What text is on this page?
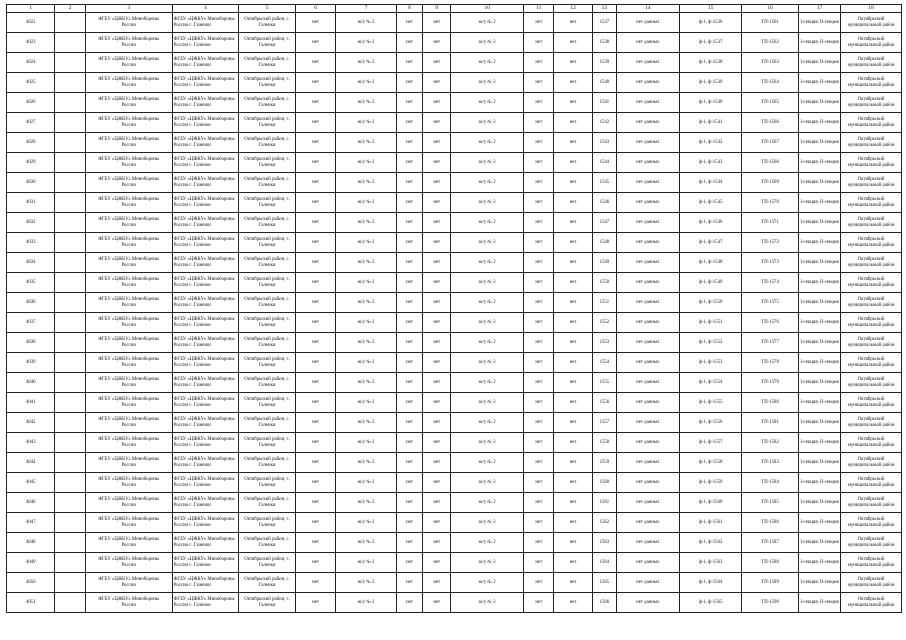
1	2	3	4	5	6	7	8	9	10	11	12	13	14	15	16	17	18
4022		ФГБУ «ЦЖКУ» Минобороны
России	ФГБУ «ЦЖКУ» Минобороны
России с. Галенки	Октябрьский район, с.
Галенки	нет	ю/у № 2	нет	нет	ю/у № 2	нет	нет	1537	нет данных	ф-1, ф-1536	ТП-1561	I-секция, II-секция	Октябрьский
муниципальный район

4023		ФГБУ «ЦЖКУ» Минобороны
России	ФГБУ «ЦЖКУ» Минобороны
России с. Галенки	Октябрьский район, с.
Галенки	нет	ю/у № 2	нет	нет	ю/у № 2	нет	нет	1538	нет данных	ф-1, ф-1537	ТП-1562	I-секция, II-секция	Октябрьский
муниципальный район

4024		ФГБУ «ЦЖКУ» Минобороны
России	ФГБУ «ЦЖКУ» Минобороны
России с. Галенки	Октябрьский район, с.
Галенки	нет	ю/у № 2	нет	нет	ю/у № 2	нет	нет	1539	нет данных	ф-1, ф-1538	ТП-1563	I-секция, II-секция	Октябрьский
муниципальный район

4025		ФГБУ «ЦЖКУ» Минобороны
России	ФГБУ «ЦЖКУ» Минобороны
России с. Галенки	Октябрьский район, с.
Галенки	нет	ю/у № 2	нет	нет	ю/у № 2	нет	нет	1540	нет данных	ф-1, ф-1539	ТП-1564	I-секция, II-секция	Октябрьский
муниципальный район

4026		ФГБУ «ЦЖКУ» Минобороны
России	ФГБУ «ЦЖКУ» Минобороны
России с. Галенки	Октябрьский район, с.
Галенки	нет	ю/у № 2	нет	нет	ю/у № 2	нет	нет	1541	нет данных	ф-1, ф-1540	ТП-1565	I-секция, II-секция	Октябрьский
муниципальный район

4027		ФГБУ «ЦЖКУ» Минобороны
России	ФГБУ «ЦЖКУ» Минобороны
России с. Галенки	Октябрьский район, с.
Галенки	нет	ю/у № 2	нет	нет	ю/у № 2	нет	нет	1542	нет данных	ф-1, ф-1541	ТП-1566	I-секция, II-секция	Октябрьский
муниципальный район

4028		ФГБУ «ЦЖКУ» Минобороны
России	ФГБУ «ЦЖКУ» Минобороны
России с. Галенки	Октябрьский район, с.
Галенки	нет	ю/у № 2	нет	нет	ю/у № 2	нет	нет	1543	нет данных	ф-1, ф-1542	ТП-1567	I-секция, II-секция	Октябрьский
муниципальный район

4029		ФГБУ «ЦЖКУ» Минобороны
России	ФГБУ «ЦЖКУ» Минобороны
России с. Галенки	Октябрьский район, с.
Галенки	нет	ю/у № 2	нет	нет	ю/у № 2	нет	нет	1544	нет данных	ф-1, ф-1543	ТП-1568	I-секция, II-секция	Октябрьский
муниципальный район

4030		ФГБУ «ЦЖКУ» Минобороны
России	ФГБУ «ЦЖКУ» Минобороны
России с. Галенки	Октябрьский район, с.
Галенки	нет	ю/у № 2	нет	нет	ю/у № 2	нет	нет	1545	нет данных	ф-1, ф-1544	ТП-1569	I-секция, II-секция	Октябрьский
муниципальный район

4031		ФГБУ «ЦЖКУ» Минобороны
России	ФГБУ «ЦЖКУ» Минобороны
России с. Галенки	Октябрьский район, с.
Галенки	нет	ю/у № 2	нет	нет	ю/у № 2	нет	нет	1546	нет данных	ф-1, ф-1545	ТП-1570	I-секция, II-секция	Октябрьский
муниципальный район

4032		ФГБУ «ЦЖКУ» Минобороны
России	ФГБУ «ЦЖКУ» Минобороны
России с. Галенки	Октябрьский район, с.
Галенки	нет	ю/у № 2	нет	нет	ю/у № 2	нет	нет	1547	нет данных	ф-1, ф-1546	ТП-1571	I-секция, II-секция	Октябрьский
муниципальный район

4033		ФГБУ «ЦЖКУ» Минобороны
России	ФГБУ «ЦЖКУ» Минобороны
России с. Галенки	Октябрьский район, с.
Галенки	нет	ю/у № 2	нет	нет	ю/у № 2	нет	нет	1548	нет данных	ф-1, ф-1547	ТП-1572	I-секция, II-секция	Октябрьский
муниципальный район

4034		ФГБУ «ЦЖКУ» Минобороны
России	ФГБУ «ЦЖКУ» Минобороны
России с. Галенки	Октябрьский район, с.
Галенки	нет	ю/у № 2	нет	нет	ю/у № 2	нет	нет	1549	нет данных	ф-1, ф-1548	ТП-1573	I-секция, II-секция	Октябрьский
муниципальный район

4035		ФГБУ «ЦЖКУ» Минобороны
России	ФГБУ «ЦЖКУ» Минобороны
России с. Галенки	Октябрьский район, с.
Галенки	нет	ю/у № 2	нет	нет	ю/у № 2	нет	нет	1550	нет данных	ф-1, ф-1549	ТП-1574	I-секция, II-секция	Октябрьский
муниципальный район

4036		ФГБУ «ЦЖКУ» Минобороны
России	ФГБУ «ЦЖКУ» Минобороны
России с. Галенки	Октябрьский район, с.
Галенки	нет	ю/у № 2	нет	нет	ю/у № 2	нет	нет	1551	нет данных	ф-1, ф-1550	ТП-1575	I-секция, II-секция	Октябрьский
муниципальный район

4037		ФГБУ «ЦЖКУ» Минобороны
России	ФГБУ «ЦЖКУ» Минобороны
России с. Галенки	Октябрьский район, с.
Галенки	нет	ю/у № 2	нет	нет	ю/у № 2	нет	нет	1552	нет данных	ф-1, ф-1551	ТП-1576	I-секция, II-секция	Октябрьский
муниципальный район

4038		ФГБУ «ЦЖКУ» Минобороны
России	ФГБУ «ЦЖКУ» Минобороны
России с. Галенки	Октябрьский район, с.
Галенки	нет	ю/у № 2	нет	нет	ю/у № 2	нет	нет	1553	нет данных	ф-1, ф-1552	ТП-1577	I-секция, II-секция	Октябрьский
муниципальный район

4039		ФГБУ «ЦЖКУ» Минобороны
России	ФГБУ «ЦЖКУ» Минобороны
России с. Галенки	Октябрьский район, с.
Галенки	нет	ю/у № 2	нет	нет	ю/у № 2	нет	нет	1554	нет данных	ф-1, ф-1553	ТП-1578	I-секция, II-секция	Октябрьский
муниципальный район

4040		ФГБУ «ЦЖКУ» Минобороны
России	ФГБУ «ЦЖКУ» Минобороны
России с. Галенки	Октябрьский район, с.
Галенки	нет	ю/у № 2	нет	нет	ю/у № 2	нет	нет	1555	нет данных	ф-1, ф-1554	ТП-1579	I-секция, II-секция	Октябрьский
муниципальный район

4041		ФГБУ «ЦЖКУ» Минобороны
России	ФГБУ «ЦЖКУ» Минобороны
России с. Галенки	Октябрьский район, с.
Галенки	нет	ю/у № 2	нет	нет	ю/у № 2	нет	нет	1556	нет данных	ф-1, ф-1555	ТП-1580	I-секция, II-секция	Октябрьский
муниципальный район

4042		ФГБУ «ЦЖКУ» Минобороны
России	ФГБУ «ЦЖКУ» Минобороны
России с. Галенки	Октябрьский район, с.
Галенки	нет	ю/у № 2	нет	нет	ю/у № 2	нет	нет	1557	нет данных	ф-1, ф-1556	ТП-1581	I-секция, II-секция	Октябрьский
муниципальный район

4043		ФГБУ «ЦЖКУ» Минобороны
России	ФГБУ «ЦЖКУ» Минобороны
России с. Галенки	Октябрьский район, с.
Галенки	нет	ю/у № 2	нет	нет	ю/у № 2	нет	нет	1558	нет данных	ф-1, ф-1557	ТП-1582	I-секция, II-секция	Октябрьский
муниципальный район

4044		ФГБУ «ЦЖКУ» Минобороны
России	ФГБУ «ЦЖКУ» Минобороны
России с. Галенки	Октябрьский район, с.
Галенки	нет	ю/у № 2	нет	нет	ю/у № 2	нет	нет	1559	нет данных	ф-1, ф-1558	ТП-1583	I-секция, II-секция	Октябрьский
муниципальный район

4045		ФГБУ «ЦЖКУ» Минобороны
России	ФГБУ «ЦЖКУ» Минобороны
России с. Галенки	Октябрьский район, с.
Галенки	нет	ю/у № 2	нет	нет	ю/у № 2	нет	нет	1560	нет данных	ф-1, ф-1559	ТП-1584	I-секция, II-секция	Октябрьский
муниципальный район

4046		ФГБУ «ЦЖКУ» Минобороны
России	ФГБУ «ЦЖКУ» Минобороны
России с. Галенки	Октябрьский район, с.
Галенки	нет	ю/у № 2	нет	нет	ю/у № 2	нет	нет	1561	нет данных	ф-1, ф-1560	ТП-1585	I-секция, II-секция	Октябрьский
муниципальный район

4047		ФГБУ «ЦЖКУ» Минобороны
России	ФГБУ «ЦЖКУ» Минобороны
России с. Галенки	Октябрьский район, с.
Галенки	нет	ю/у № 2	нет	нет	ю/у № 2	нет	нет	1562	нет данных	ф-1, ф-1561	ТП-1586	I-секция, II-секция	Октябрьский
муниципальный район

4048		ФГБУ «ЦЖКУ» Минобороны
России	ФГБУ «ЦЖКУ» Минобороны
России с. Галенки	Октябрьский район, с.
Галенки	нет	ю/у № 2	нет	нет	ю/у № 2	нет	нет	1563	нет данных	ф-1, ф-1562	ТП-1587	I-секция, II-секция	Октябрьский
муниципальный район

4049		ФГБУ «ЦЖКУ» Минобороны
России	ФГБУ «ЦЖКУ» Минобороны
России с. Галенки	Октябрьский район, с.
Галенки	нет	ю/у № 2	нет	нет	ю/у № 2	нет	нет	1564	нет данных	ф-1, ф-1563	ТП-1588	I-секция, II-секция	Октябрьский
муниципальный район

4050		ФГБУ «ЦЖКУ» Минобороны
России	ФГБУ «ЦЖКУ» Минобороны
России с. Галенки	Октябрьский район, с.
Галенки	нет	ю/у № 2	нет	нет	ю/у № 2	нет	нет	1565	нет данных	ф-1, ф-1564	ТП-1589	I-секция, II-секция	Октябрьский
муниципальный район

4051		ФГБУ «ЦЖКУ» Минобороны
России	ФГБУ «ЦЖКУ» Минобороны
России с. Галенки	Октябрьский район, с.
Галенки	нет	ю/у № 2	нет	нет	ю/у № 2	нет	нет	1566	нет данных	ф-1, ф-1565	ТП-1590	I-секция, II-секция	Октябрьский
муниципальный район
